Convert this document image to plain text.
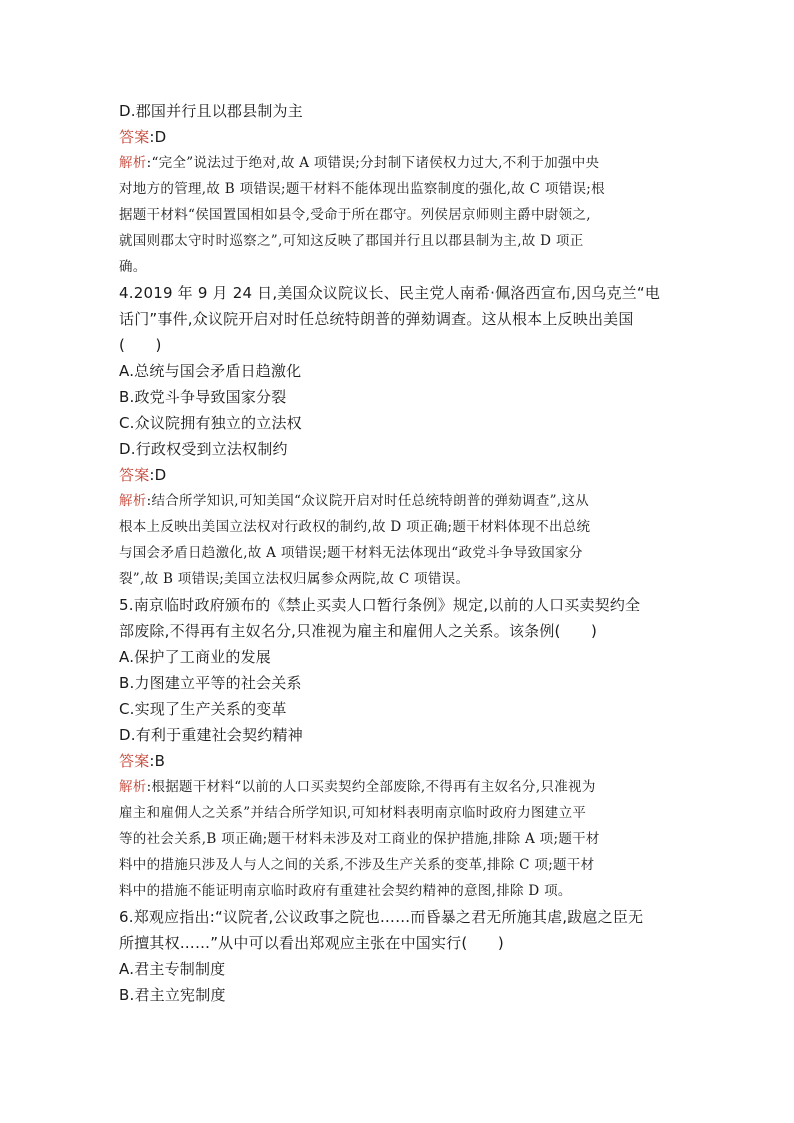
D.郡国并行且以郡县制为主
答案:D
解析:“完全”说法过于绝对,故 A 项错误;分封制下诸侯权力过大,不利于加强中央
对地方的管理,故 B 项错误;题干材料不能体现出监察制度的强化,故 C 项错误;根
据题干材料“侯国置国相如县令,受命于所在郡守。列侯居京师则主爵中尉领之,
就国则郡太守时时巡察之”,可知这反映了郡国并行且以郡县制为主,故 D 项正
确。
4.2019 年 9 月 24 日,美国众议院议长、民主党人南希·佩洛西宣布,因乌克兰“电
话门”事件,众议院开启对时任总统特朗普的弹劾调查。这从根本上反映出美国
(　　)
A.总统与国会矛盾日趋激化
B.政党斗争导致国家分裂
C.众议院拥有独立的立法权
D.行政权受到立法权制约
答案:D
解析:结合所学知识,可知美国“众议院开启对时任总统特朗普的弹劾调查”,这从
根本上反映出美国立法权对行政权的制约,故 D 项正确;题干材料体现不出总统
与国会矛盾日趋激化,故 A 项错误;题干材料无法体现出“政党斗争导致国家分
裂”,故 B 项错误;美国立法权归属参众两院,故 C 项错误。
5.南京临时政府颁布的《禁止买卖人口暂行条例》规定,以前的人口买卖契约全
部废除,不得再有主奴名分,只准视为雇主和雇佣人之关系。该条例(　　)
A.保护了工商业的发展
B.力图建立平等的社会关系
C.实现了生产关系的变革
D.有利于重建社会契约精神
答案:B
解析:根据题干材料“以前的人口买卖契约全部废除,不得再有主奴名分,只准视为
雇主和雇佣人之关系”并结合所学知识,可知材料表明南京临时政府力图建立平
等的社会关系,B 项正确;题干材料未涉及对工商业的保护措施,排除 A 项;题干材
料中的措施只涉及人与人之间的关系,不涉及生产关系的变革,排除 C 项;题干材
料中的措施不能证明南京临时政府有重建社会契约精神的意图,排除 D 项。
6.郑观应指出:“议院者,公议政事之院也……而昏暴之君无所施其虐,跋扈之臣无
所擅其权……”从中可以看出郑观应主张在中国实行(　　)
A.君主专制制度
B.君主立宪制度
